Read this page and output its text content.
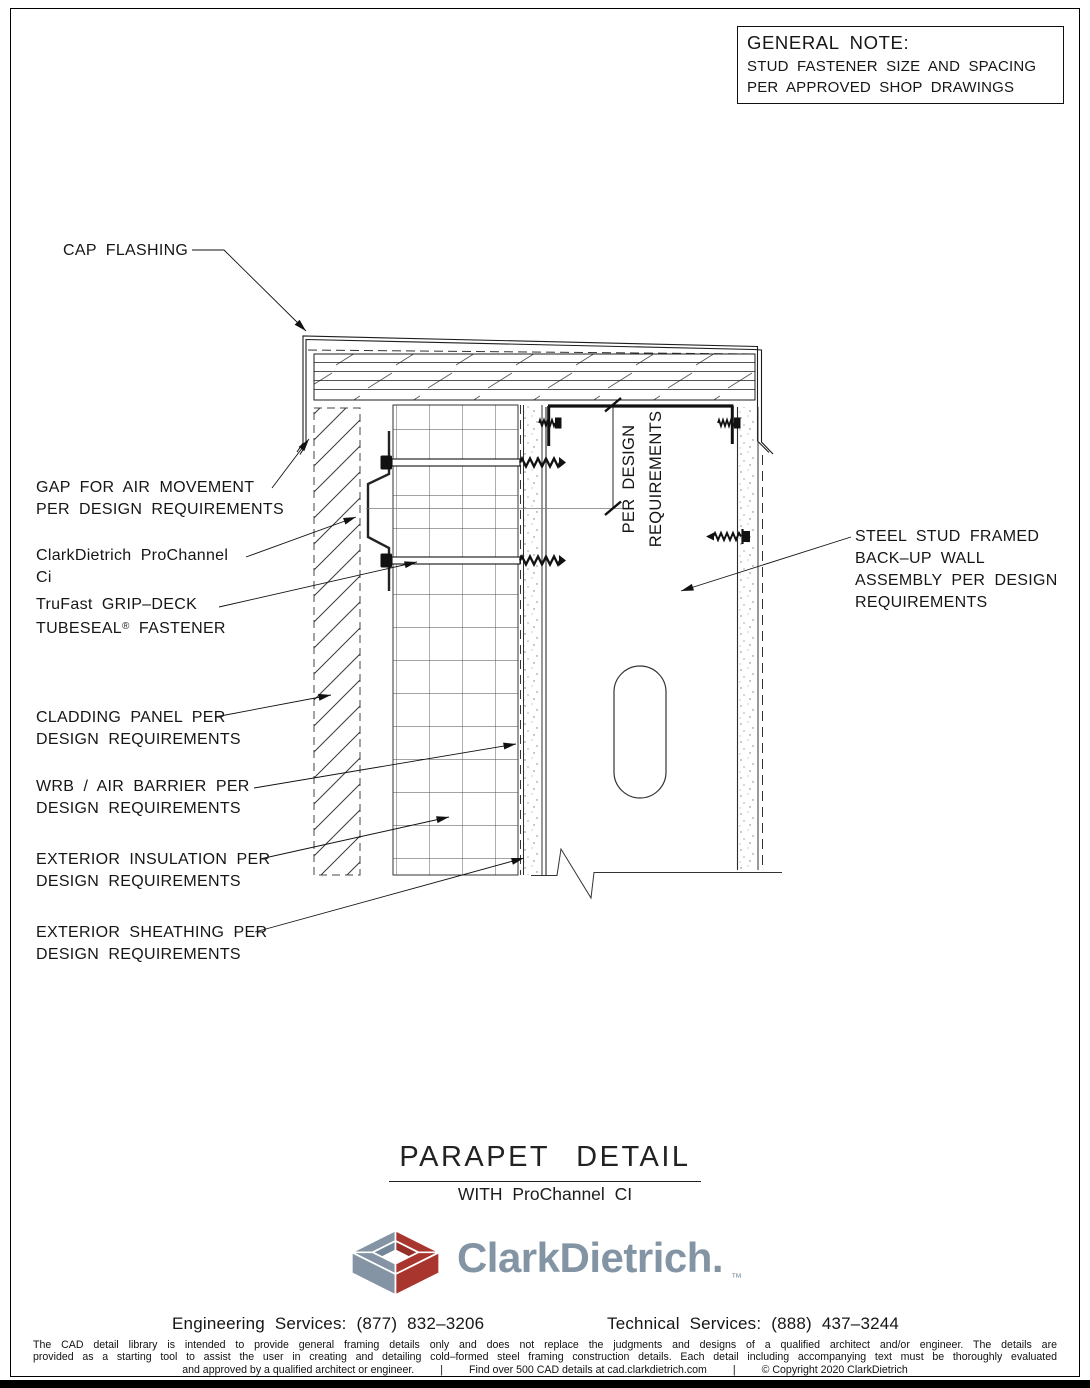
GENERAL NOTE:
STUD FASTENER SIZE AND SPACING
PER APPROVED SHOP DRAWINGS
CAP FLASHING
GAP FOR AIR MOVEMENT
PER DESIGN REQUIREMENTS
ClarkDietrich ProChannel
Ci
TruFast GRIP–DECK
TUBESEAL® FASTENER
CLADDING PANEL PER
DESIGN REQUIREMENTS
WRB / AIR BARRIER PER
DESIGN REQUIREMENTS
EXTERIOR INSULATION PER
DESIGN REQUIREMENTS
EXTERIOR SHEATHING PER
DESIGN REQUIREMENTS
STEEL STUD FRAMED
BACK–UP WALL
ASSEMBLY PER DESIGN
REQUIREMENTS
PER DESIGN REQUIREMENTS
PARAPET DETAIL
WITH ProChannel CI
ClarkDietrich. ™
Engineering Services: (877) 832–3206	Technical Services: (888) 437–3244
The CAD detail library is intended to provide general framing details only and does not replace the judgments and designs of a qualified architect and/or engineer. The details are
provided as a starting tool to assist the user in creating and detailing cold–formed steel framing construction details. Each detail including accompanying text must be thoroughly evaluated
and approved by a qualified architect or engineer. | Find over 500 CAD details at cad.clarkdietrich.com | © Copyright 2020 ClarkDietrich
